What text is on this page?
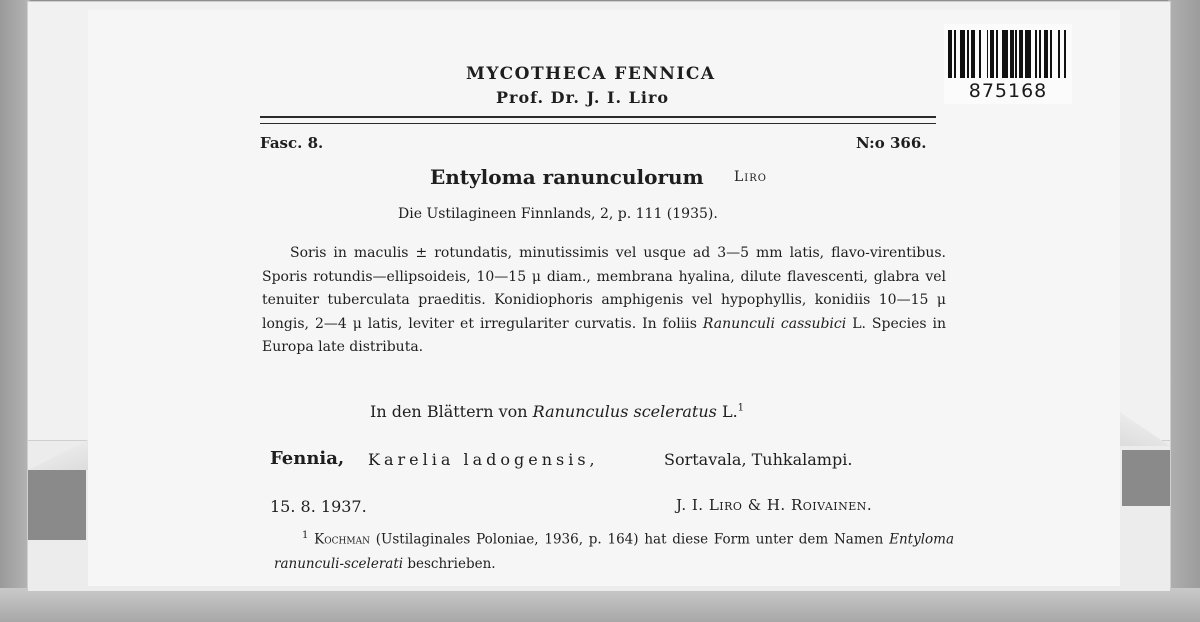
875168
MYCOTHECA FENNICA
Prof. Dr. J. I. Liro
Fasc. 8.	N:o 366.
Entyloma ranunculorum Liro
Die Ustilagineen Finnlands, 2, p. 111 (1935).
Soris in maculis ± rotundatis, minutissimis vel usque ad 3—5 mm latis, flavo-virentibus. Sporis rotundis—ellipsoideis, 10—15 μ diam., membrana hyalina, dilute flavescenti, glabra vel tenuiter tuberculata praeditis. Konidiophoris amphigenis vel hypophyllis, konidiis 10—15 μ longis, 2—4 μ latis, leviter et irregulariter curvatis. In foliis Ranunculi cassubici L. Species in Europa late distributa.
In den Blättern von Ranunculus sceleratus L.$^1$
Fennia, Karelia ladogensis,	Sortavala, Tuhkalampi.
15. 8. 1937.	J. I. Liro & H. Roivainen.
$^1$ Kochman (Ustilaginales Poloniae, 1936, p. 164) hat diese Form unter dem Namen Entyloma ranunculi-scelerati beschrieben.
